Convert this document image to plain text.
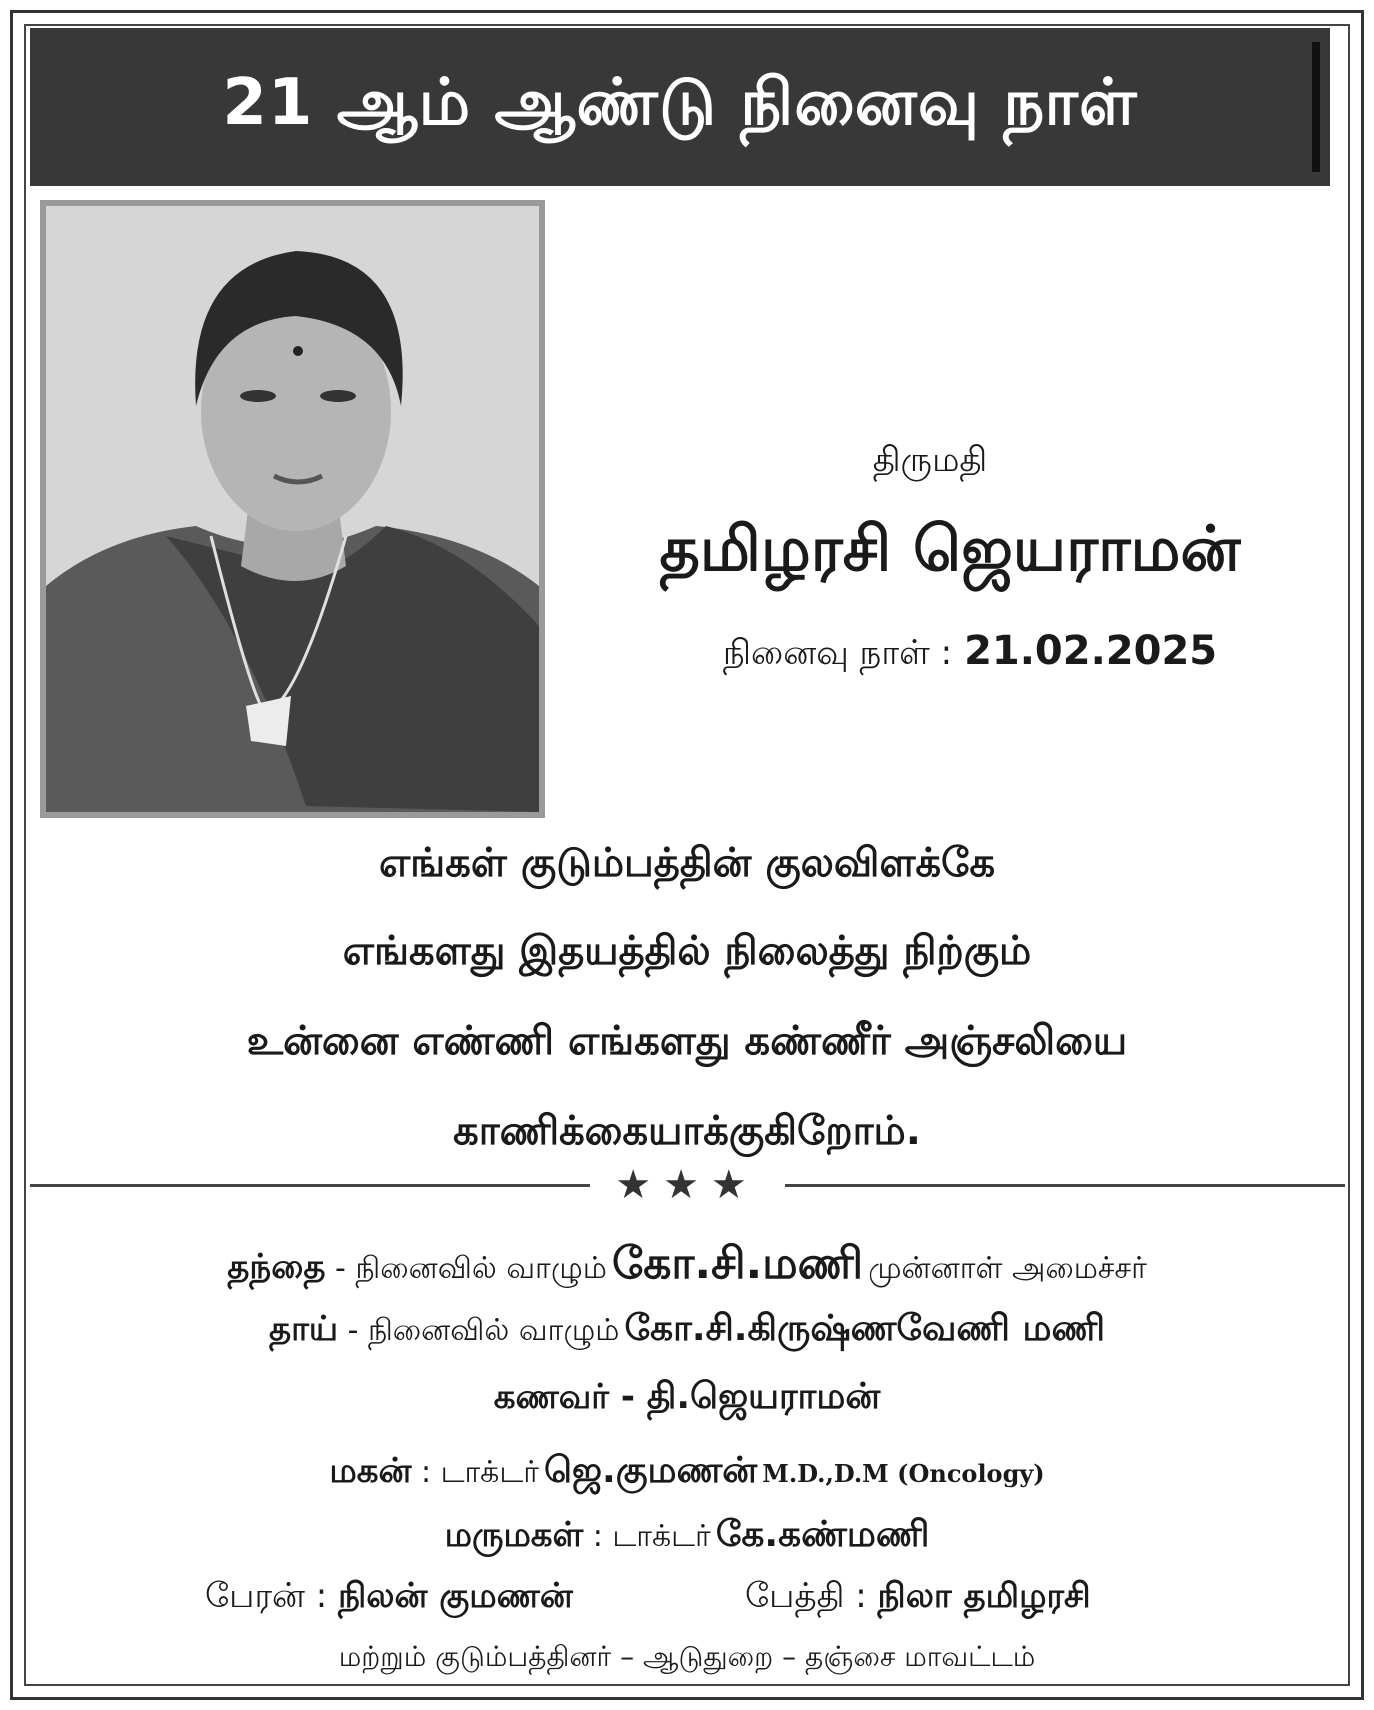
21 ஆம் ஆண்டு நினைவு நாள்
திருமதி
தமிழரசி ஜெயராமன்
நினைவு நாள் : 21.02.2025
எங்கள் குடும்பத்தின் குலவிளக்கே
எங்களது இதயத்தில் நிலைத்து நிற்கும்
உன்னை எண்ணி எங்களது கண்ணீர் அஞ்சலியை
காணிக்கையாக்குகிறோம்.
★★★
தந்தை - நினைவில் வாழும் கோ.சி.மணி முன்னாள் அமைச்சர்
தாய் - நினைவில் வாழும் கோ.சி.கிருஷ்ணவேணி மணி
கணவர் - தி.ஜெயராமன்
மகன் : டாக்டர் ஜெ.குமணன் M.D.,D.M (Oncology)
மருமகள் : டாக்டர் கே.கண்மணி
பேரன் : நிலன் குமணன்	பேத்தி : நிலா தமிழரசி
மற்றும் குடும்பத்தினர் – ஆடுதுறை – தஞ்சை மாவட்டம்
